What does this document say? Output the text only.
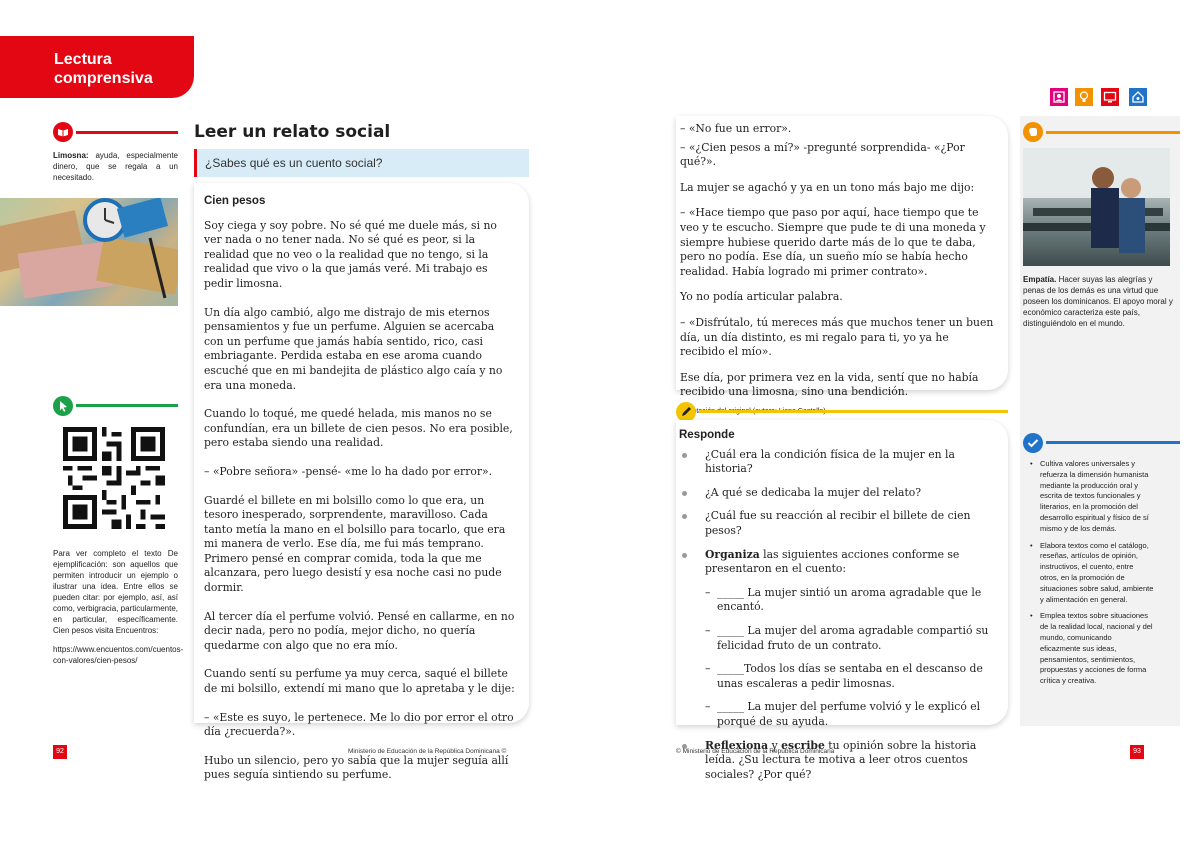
Lectura
comprensiva
Limosna: ayuda, especialmente dinero, que se regala a un necesitado.
Para ver completo el texto De ejemplificación: son aquellos que permiten introducir un ejemplo o ilustrar una idea. Entre ellos se pueden citar: por ejemplo, así, así como, verbigracia, particularmente, en particular, específicamente. Cien pesos visita Encuentros:
https://www.encuentos.com/cuentos-con-valores/cien-pesos/
Leer un relato social
¿Sabes qué es un cuento social?
Cien pesos

Soy ciega y soy pobre. No sé qué me duele más, si no ver nada o no tener nada. No sé qué es peor, si la realidad que no veo o la realidad que no tengo, si la realidad que vivo o la que jamás veré. Mi trabajo es pedir limosna.

Un día algo cambió, algo me distrajo de mis eternos pensamientos y fue un perfume. Alguien se acercaba con un perfume que jamás había sentido, rico, casi embriagante. Perdida estaba en ese aroma cuando escuché que en mi bandejita de plástico algo caía y no era una moneda.

Cuando lo toqué, me quedé helada, mis manos no se confundían, era un billete de cien pesos. No era posible, pero estaba siendo una realidad.

– «Pobre señora» -pensé- «me lo ha dado por error».

Guardé el billete en mi bolsillo como lo que era, un tesoro inesperado, sorprendente, maravilloso. Cada tanto metía la mano en el bolsillo para tocarlo, que era mi manera de verlo. Ese día, me fui más temprano. Primero pensé en comprar comida, toda la que me alcanzara, pero luego desistí y esa noche casi no pude dormir.

Al tercer día el perfume volvió. Pensé en callarme, en no decir nada, pero no podía, mejor dicho, no quería quedarme con algo que no era mío.

Cuando sentí su perfume ya muy cerca, saqué el billete de mi bolsillo, extendí mi mano que lo apretaba y le dije:

– «Este es suyo, le pertenece. Me lo dio por error el otro día ¿recuerda?».

Hubo un silencio, pero yo sabía que la mujer seguía allí pues seguía sintiendo su perfume.

92	Ministerio de Educación de la República Dominicana ©

– «No fue un error».

– «¿Cien pesos a mí?» -pregunté sorprendida- «¿Por qué?».

La mujer se agachó y ya en un tono más bajo me dijo:

– «Hace tiempo que paso por aquí, hace tiempo que te veo y te escucho. Siempre que pude te di una moneda y siempre hubiese querido darte más de lo que te daba, pero no podía. Ese día, un sueño mío se había hecho realidad. Había logrado mi primer contrato».

Yo no podía articular palabra.

– «Disfrútalo, tú mereces más que muchos tener un buen día, un día distinto, es mi regalo para ti, yo ya he recibido el mío».

Ese día, por primera vez en la vida, sentí que no había recibido una limosna, sino una bendición.

Adaptación
Responde
¿Cuál era la condición física de la mujer en la historia?
¿A qué se dedicaba la mujer del relato?
¿Cuál fue su reacción al recibir el billete de cien pesos?
Organiza las siguientes acciones conforme se presentaron en el cuento:
– _____ La mujer sintió un aroma agradable que le encantó.
– _____ La mujer del aroma agradable compartió su felicidad fruto de un contrato.
– _____Todos los días se sentaba en el descanso de unas escaleras a pedir limosnas.
– _____ La mujer del perfume volvió y le explicó el porqué de su ayuda.
Reflexiona y escribe tu opinión sobre la historia leída. ¿Su lectura te motiva a leer otros cuentos sociales? ¿Por qué?
Empatía. Hacer suyas las alegrías y penas de los demás es una virtud que poseen los dominicanos. El apoyo moral y económico caracteriza este país, distinguiéndolo en el mundo.
• Cultiva valores universales y refuerza la dimensión humanista mediante la producción oral y escrita de textos funcionales y literarios, en la promoción del desarrollo espiritual y físico de sí mismo y de los demás.
• Elabora textos como el catálogo, reseñas, artículos de opinión, instructivos, el cuento, entre otros, en la promoción de situaciones sobre salud, ambiente y alimentación en general.
• Emplea textos sobre situaciones de la realidad local, nacional y del mundo, comunicando eficazmente sus ideas, pensamientos, sentimientos, propuestas y acciones de forma crítica y creativa.
© Ministerio de Educación de la República Dominicana	93
